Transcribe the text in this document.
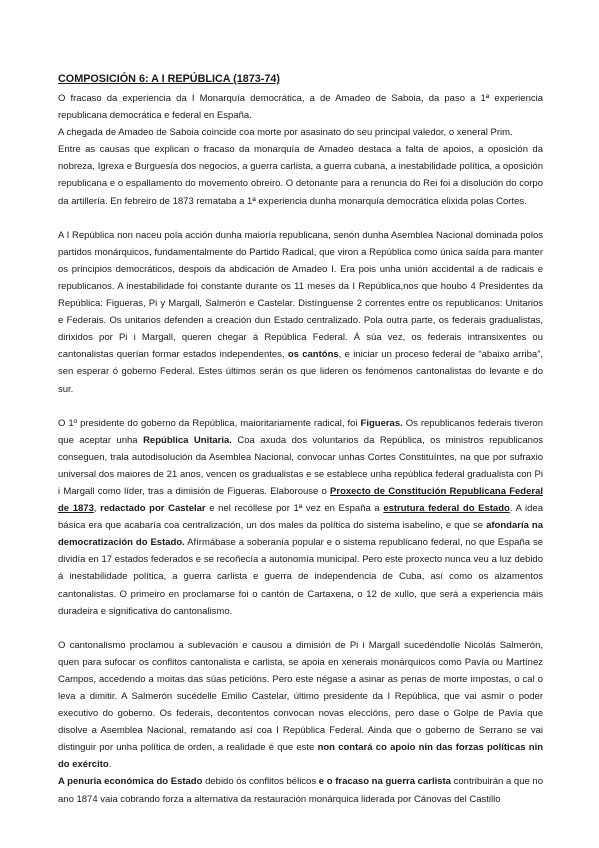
COMPOSICIÓN 6: A I REPÚBLICA (1873-74)

O fracaso da experiencia da I Monarquía democrática, a de Amadeo de Saboia, da paso a 1ª experiencia republicana democrática e federal en España.

A chegada de Amadeo de Saboia coincide coa morte por asasinato do seu principal valedor, o xeneral Prim.

Entre as causas que explican o fracaso da monarquía de Amadeo destaca a falta de apoios, a oposición da nobreza, Igrexa e Burguesía dos negocios, a guerra carlista, a guerra cubana, a inestabilidade política, a oposición republicana e o espallamento do movemento obreiro. O detonante para a renuncia do Rei foi a disolución do corpo da artillería. En febreiro de 1873 remataba a 1ª experiencia dunha monarquía democrática elixida polas Cortes.

A I República non naceu pola acción dunha maioría republicana, senón dunha Asemblea Nacional dominada polos partidos monárquicos, fundamentalmente do Partido Radical, que viron a República como única saída para manter os principios democráticos, despois da abdicación de Amadeo I. Era pois unha unión accidental a de radicais e republicanos. A inestabilidade foi constante durante os 11 meses da I República,nos que houbo 4 Presidentes da República: Figueras, Pi y Margall, Salmerón e Castelar. Distínguense 2 correntes entre os republicanos: Unitarios e Federais. Os unitarios defenden a creación dun Estado centralizado. Pola outra parte, os federais gradualistas, dirixidos por Pi i Margall, queren chegar á República Federal. Á súa vez, os federais intransixentes ou cantonalistas querían formar estados independentes, os cantóns, e iniciar un proceso federal de “abaixo arriba”, sen esperar ó goberno Federal. Estes últimos serán os que lideren os fenómenos cantonalistas do levante e do sur.

O 1º presidente do goberno da República, maioritariamente radical, foi Figueras. Os republicanos federais tiveron que aceptar unha República Unitaria. Coa axuda dos voluntarios da República, os ministros republicanos conseguen, trala autodisolución da Asemblea Nacional, convocar unhas Cortes Constituíntes, na que por sufraxio universal dos maiores de 21 anos, vencen os gradualistas e se establece unha república federal gradualista con Pi i Margall como líder, tras a dimisión de Figueras. Elaborouse o Proxecto de Constitución Republicana Federal de 1873, redactado por Castelar e nel recóllese por 1ª vez en España a estrutura federal do Estado. A idea básica era que acabaría coa centralización, un dos males da política do sistema isabelino, e que se afondaría na democratización do Estado. Afírmábase a soberanía popular e o sistema republicano federal, no que España se dividía en 17 estados federados e se recoñecía a autonomía municipal. Pero este proxecto nunca veu a luz debido á inestabilidade política, a guerra carlista e guerra de independencia de Cuba, así como os alzamentos cantonalistas. O primeiro en proclamarse foi o cantón de Cartaxena, o 12 de xullo, que será a experiencia máis duradeira e significativa do cantonalismo.

O cantonalismo proclamou a sublevación e causou a dimisión de Pi i Margall sucedéndolle Nicolás Salmerón, quen para sufocar os conflitos cantonalista e carlista, se apoia en xenerais monárquicos como Pavía ou Martínez Campos, accedendo a moitas das súas peticións. Pero este négase a asinar as penas de morte impostas, o cal o leva a dimitir. A Salmerón sucédelle Emilio Castelar, último presidente da I República, que vai asmir o poder executivo do goberno. Os federais, decontentos convocan novas eleccións, pero dase o Golpe de Pavía que disolve a Asemblea Nacional, rematando así coa I República Federal. Ainda que o goberno de Serrano se vai distinguir por unha política de orden, a realidade é que este non contará co apoio nin das forzas políticas nin do exército.

A penuria económica do Estado debido ós conflitos bélicos e o fracaso na guerra carlista contribuirán a que no ano 1874 vaia cobrando forza a alternativa da restauración monárquica liderada por Cánovas del Castillo
